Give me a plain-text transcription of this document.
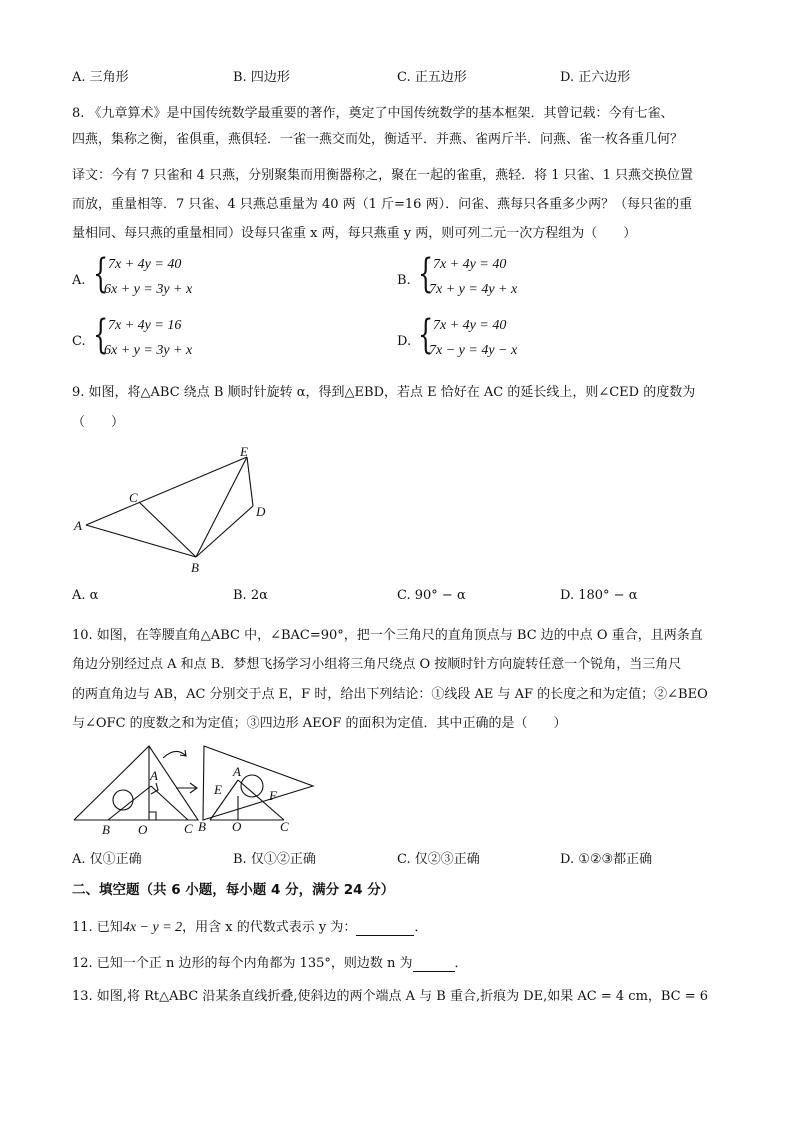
A. 三角形	B. 四边形	C. 正五边形	D. 正六边形
8. 《九章算术》是中国传统数学最重要的著作，奠定了中国传统数学的基本框架．其曾记载：今有七雀、
四燕，集称之衡，雀俱重，燕俱轻．一雀一燕交而处，衡适平．并燕、雀两斤半．问燕、雀一枚各重几何？
译文：今有 7 只雀和 4 只燕，分别聚集而用衡器称之，聚在一起的雀重，燕轻．将 1 只雀、1 只燕交换位置
而放，重量相等．7 只雀、4 只燕总重量为 40 两（1 斤=16 两）．问雀、燕每只各重多少两？（每只雀的重
量相同、每只燕的重量相同）设每只雀重 x 两，每只燕重 y 两，则可列二元一次方程组为（　　）
A. { 7x + 4y = 40
6x + y = 3y + x
B. { 7x + 4y = 40
7x + y = 4y + x
C. { 7x + 4y = 16
6x + y = 3y + x
D. { 7x + 4y = 40
7x − y = 4y − x
9. 如图，将△ABC 绕点 B 顺时针旋转 α，得到△EBD，若点 E 恰好在 AC 的延长线上，则∠CED 的度数为
（　　）
A
C
E
D
B
A. α	B. 2α	C. 90° − α	D. 180° − α
10. 如图，在等腰直角△ABC 中，∠BAC=90°，把一个三角尺的直角顶点与 BC 边的中点 O 重合，且两条直
角边分别经过点 A 和点 B．梦想飞扬学习小组将三角尺绕点 O 按顺时针方向旋转任意一个锐角，当三角尺
的两直角边与 AB，AC 分别交于点 E，F 时，给出下列结论：①线段 AE 与 AF 的长度之和为定值；②∠BEO
与∠OFC 的度数之和为定值；③四边形 AEOF 的面积为定值．其中正确的是（　　）
A
B O	C
A
E	F
B O	C
A. 仅①正确	B. 仅①②正确	C. 仅②③正确	D. ①②③都正确
二、填空题（共 6 小题，每小题 4 分，满分 24 分）
11. 已知4x − y = 2，用含 x 的代数式表示 y 为：	．
12. 已知一个正 n 边形的每个内角都为 135°，则边数 n 为	．
13. 如图,将 Rt△ABC 沿某条直线折叠,使斜边的两个端点 A 与 B 重合,折痕为 DE,如果 AC = 4 cm，BC = 6
